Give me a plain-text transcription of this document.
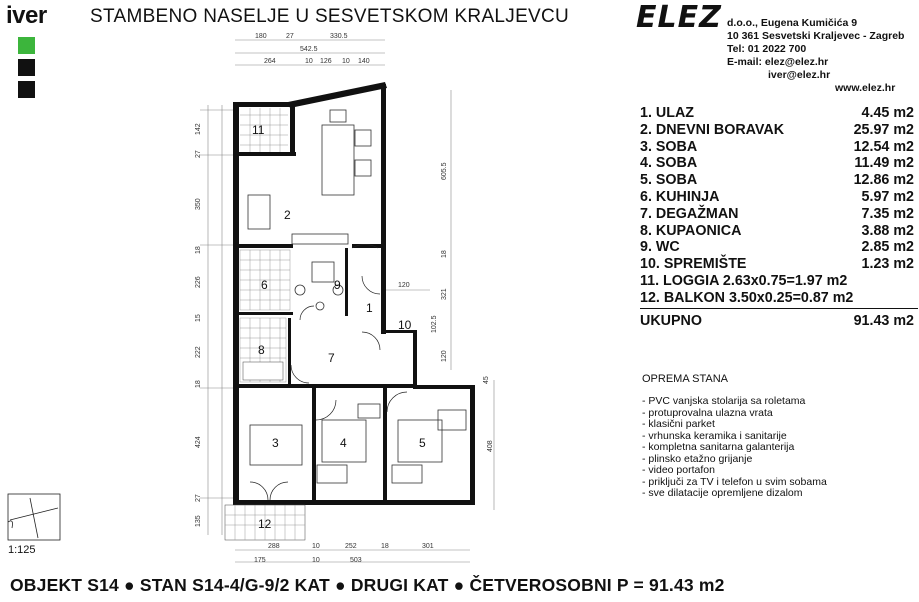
iver STAMBENO NASELJE U SESVETSKOM KRALJEVCU ELEZ d.o.o., Eugena Kumičića 9
10 361 Sesvetski Kraljevec - Zagreb
Tel: 01 2022 700
E-mail: elez@elez.hr
iver@elez.hr
www.elez.hr
1. ULAZ	4.45 m2
2. DNEVNI BORAVAK	25.97 m2
3. SOBA	12.54 m2
4. SOBA	11.49 m2
5. SOBA	12.86 m2
6. KUHINJA	5.97 m2
7. DEGAŽMAN	7.35 m2
8. KUPAONICA	3.88 m2
9. WC	2.85 m2
10. SPREMIŠTE	1.23 m2
11. LOGGIA 2.63x0.75=1.97 m2
12. BALKON 3.50x0.25=0.87 m2
UKUPNO	91.43 m2
OPREMA STANA
- PVC vanjska stolarija sa roletama
- protuprovalna ulazna vrata
- klasični parket
- vrhunska keramika i sanitarije
- kompletna sanitarna galanterija
- plinsko etažno grijanje
- video portafon
- priključi za TV i telefon u svim sobama
- sve dilatacije opremljene dizalom
1
2
3	4	5
6
7
8
9
10
11
12
180	27	330.5
542.5
264	10 126 10 140
142
27
350
18
226
15
222
18
424
27
135
605.5
18
120
321
102.5
120
45
408
288	10	252	18	301
175	10	503
1:125
OBJEKT S14 ● STAN S14-4/G-9/2 KAT ● DRUGI KAT ● ČETVEROSOBNI P = 91.43 m2
